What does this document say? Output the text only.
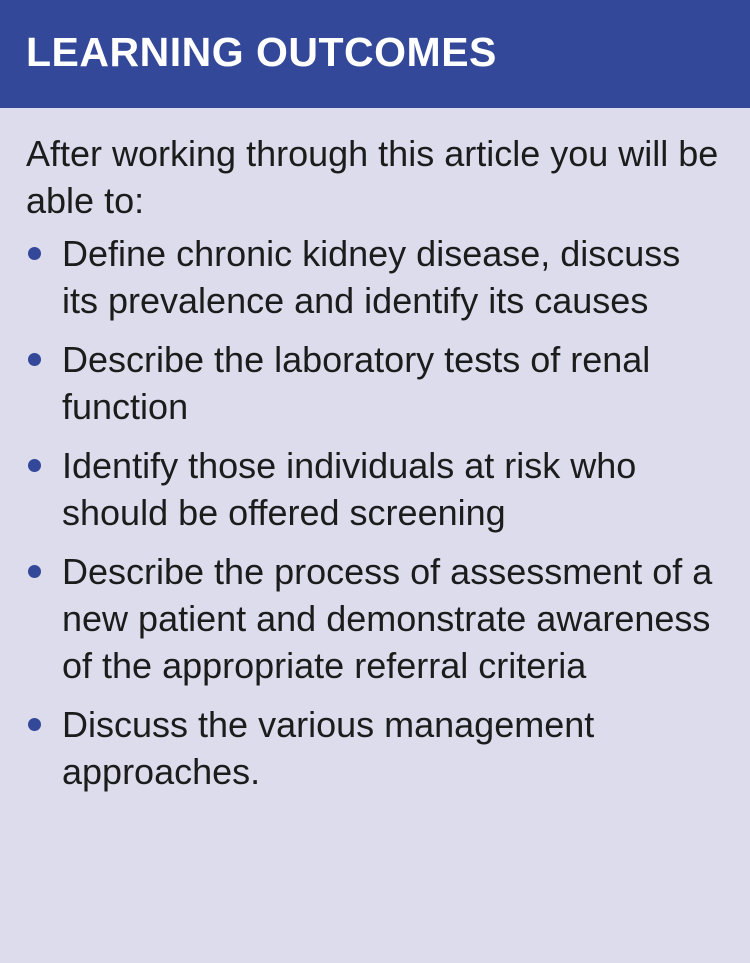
LEARNING OUTCOMES

After working through this article you will be able to:

Define chronic kidney disease, discuss its prevalence and identify its causes
Describe the laboratory tests of renal function
Identify those individuals at risk who should be offered screening
Describe the process of assessment of a new patient and demonstrate awareness of the appropriate referral criteria
Discuss the various management approaches.
